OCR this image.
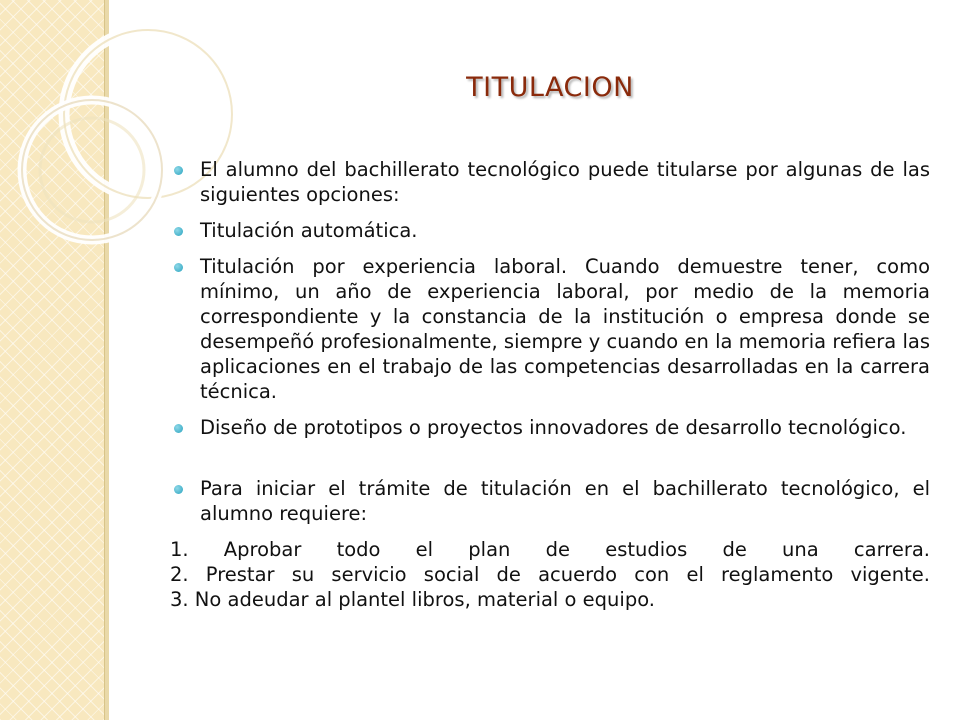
TITULACION

El alumno del bachillerato tecnológico puede titularse por algunas de las siguientes opciones:

Titulación automática.

Titulación por experiencia laboral. Cuando demuestre tener, como mínimo, un año de experiencia laboral, por medio de la memoria correspondiente y la constancia de la institución o empresa donde se desempeñó profesionalmente, siempre y cuando en la memoria refiera las aplicaciones en el trabajo de las competencias desarrolladas en la carrera técnica.

Diseño de prototipos o proyectos innovadores de desarrollo tecnológico.

Para iniciar el trámite de titulación en el bachillerato tecnológico, el alumno requiere:

1. Aprobar todo el plan de estudios de una carrera.
2. Prestar su servicio social de acuerdo con el reglamento vigente.
3. No adeudar al plantel libros, material o equipo.
